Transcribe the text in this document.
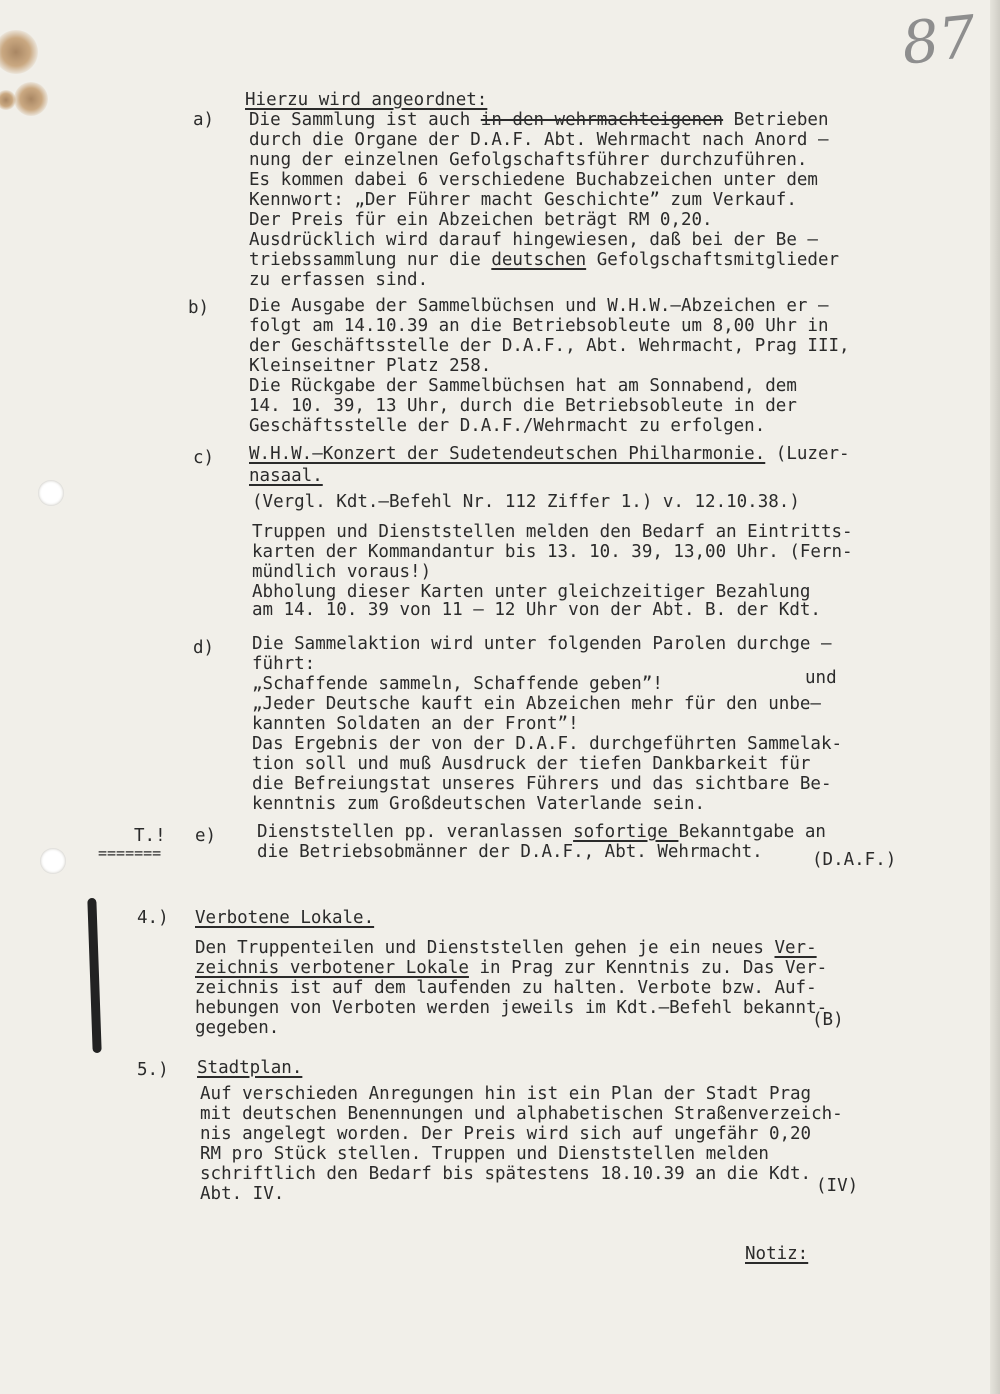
87
Hierzu wird angeordnet:
a) Die Sammlung ist auch in den wehrmachteigenen Betrieben
durch die Organe der D.A.F. Abt. Wehrmacht nach Anord –
nung der einzelnen Gefolgschaftsführer durchzuführen.
Es kommen dabei 6 verschiedene Buchabzeichen unter dem
Kennwort: „Der Führer macht Geschichte” zum Verkauf.
Der Preis für ein Abzeichen beträgt RM 0,20.
Ausdrücklich wird darauf hingewiesen, daß bei der Be –
triebssammlung nur die deutschen Gefolgschaftsmitglieder
zu erfassen sind.
b) Die Ausgabe der Sammelbüchsen und W.H.W.–Abzeichen er –
folgt am 14.10.39 an die Betriebsobleute um 8,00 Uhr in
der Geschäftsstelle der D.A.F., Abt. Wehrmacht, Prag III,
Kleinseitner Platz 258.
Die Rückgabe der Sammelbüchsen hat am Sonnabend, dem
14. 10. 39, 13 Uhr, durch die Betriebsobleute in der
Geschäftsstelle der D.A.F./Wehrmacht zu erfolgen.
c) W.H.W.–Konzert der Sudetendeutschen Philharmonie. (Luzer-
nasaal.
(Vergl. Kdt.–Befehl Nr. 112 Ziffer 1.) v. 12.10.38.)
Truppen und Dienststellen melden den Bedarf an Eintritts-
karten der Kommandantur bis 13. 10. 39, 13,00 Uhr. (Fern-
mündlich voraus!)
Abholung dieser Karten unter gleichzeitiger Bezahlung
am 14. 10. 39 von 11 – 12 Uhr von der Abt. B. der Kdt.
d) Die Sammelaktion wird unter folgenden Parolen durchge –
führt:
„Schaffende sammeln, Schaffende geben”!	und
„Jeder Deutsche kauft ein Abzeichen mehr für den unbe–
kannten Soldaten an der Front”!
Das Ergebnis der von der D.A.F. durchgeführten Sammelak-
tion soll und muß Ausdruck der tiefen Dankbarkeit für
die Befreiungstat unseres Führers und das sichtbare Be-
kenntnis zum Großdeutschen Vaterlande sein.
T.!
=======
e) Dienststellen pp. veranlassen sofortige Bekanntgabe an
die Betriebsobmänner der D.A.F., Abt. Wehrmacht.	(D.A.F.)
4.) Verbotene Lokale.
Den Truppenteilen und Dienststellen gehen je ein neues Ver-
zeichnis verbotener Lokale in Prag zur Kenntnis zu. Das Ver-
zeichnis ist auf dem laufenden zu halten. Verbote bzw. Auf-
hebungen von Verboten werden jeweils im Kdt.–Befehl bekannt-
gegeben.	(B)
5.) Stadtplan.
Auf verschieden Anregungen hin ist ein Plan der Stadt Prag
mit deutschen Benennungen und alphabetischen Straßenverzeich-
nis angelegt worden. Der Preis wird sich auf ungefähr 0,20
RM pro Stück stellen. Truppen und Dienststellen melden
schriftlich den Bedarf bis spätestens 18.10.39 an die Kdt.
Abt. IV.	(IV)
Notiz:
